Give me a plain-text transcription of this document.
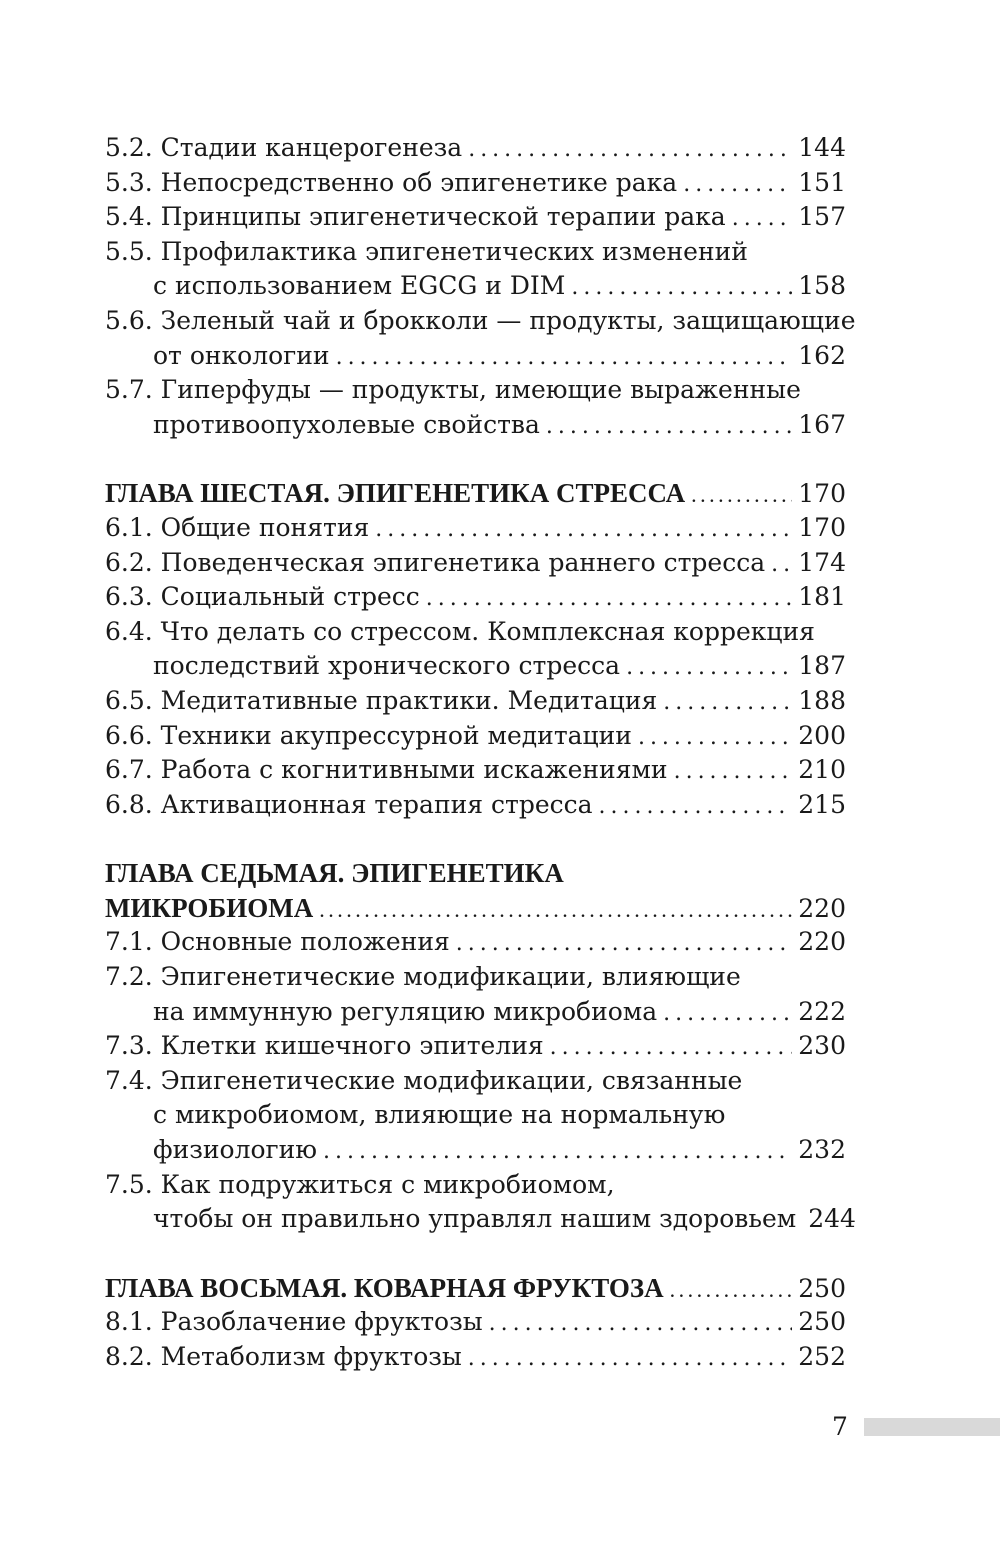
5.2. Стадии канцерогенеза . . .	144
5.3. Непосредственно об эпигенетике рака . . .	151
5.4. Принципы эпигенетической терапии рака . . .	157
5.5. Профилактика эпигенетических изменений
с использованием EGCG и DIM . . .	158
5.6. Зеленый чай и брокколи — продукты, защищающие
от онкологии . . .	162
5.7. Гиперфуды — продукты, имеющие выраженные
противоопухолевые свойства . . .	167
ГЛАВА ШЕСТАЯ. ЭПИГЕНЕТИКА СТРЕССА . . .	170
6.1. Общие понятия . . .	170
6.2. Поведенческая эпигенетика раннего стресса . . . 174
6.3. Социальный стресс . . .	181
6.4. Что делать со стрессом. Комплексная коррекция
последствий хронического стресса . . .	187
6.5. Медитативные практики. Медитация . . .	188
6.6. Техники акупрессурной медитации . . .	200
6.7. Работа с когнитивными искажениями . . .	210
6.8. Активационная терапия стресса . . .	215
ГЛАВА СЕДЬМАЯ. ЭПИГЕНЕТИКА
МИКРОБИОМА . . .	220
7.1. Основные положения . . .	220
7.2. Эпигенетические модификации, влияющие
на иммунную регуляцию микробиома . . .	222
7.3. Клетки кишечного эпителия . . .	230
7.4. Эпигенетические модификации, связанные
с микробиомом, влияющие на нормальную
физиологию . . .	232
7.5. Как подружиться с микробиомом,
чтобы он правильно управлял нашим здоровьем 244
ГЛАВА ВОСЬМАЯ. КОВАРНАЯ ФРУКТОЗА . . .	250
8.1. Разоблачение фруктозы . . .	250
8.2. Метаболизм фруктозы . . .	252
7
